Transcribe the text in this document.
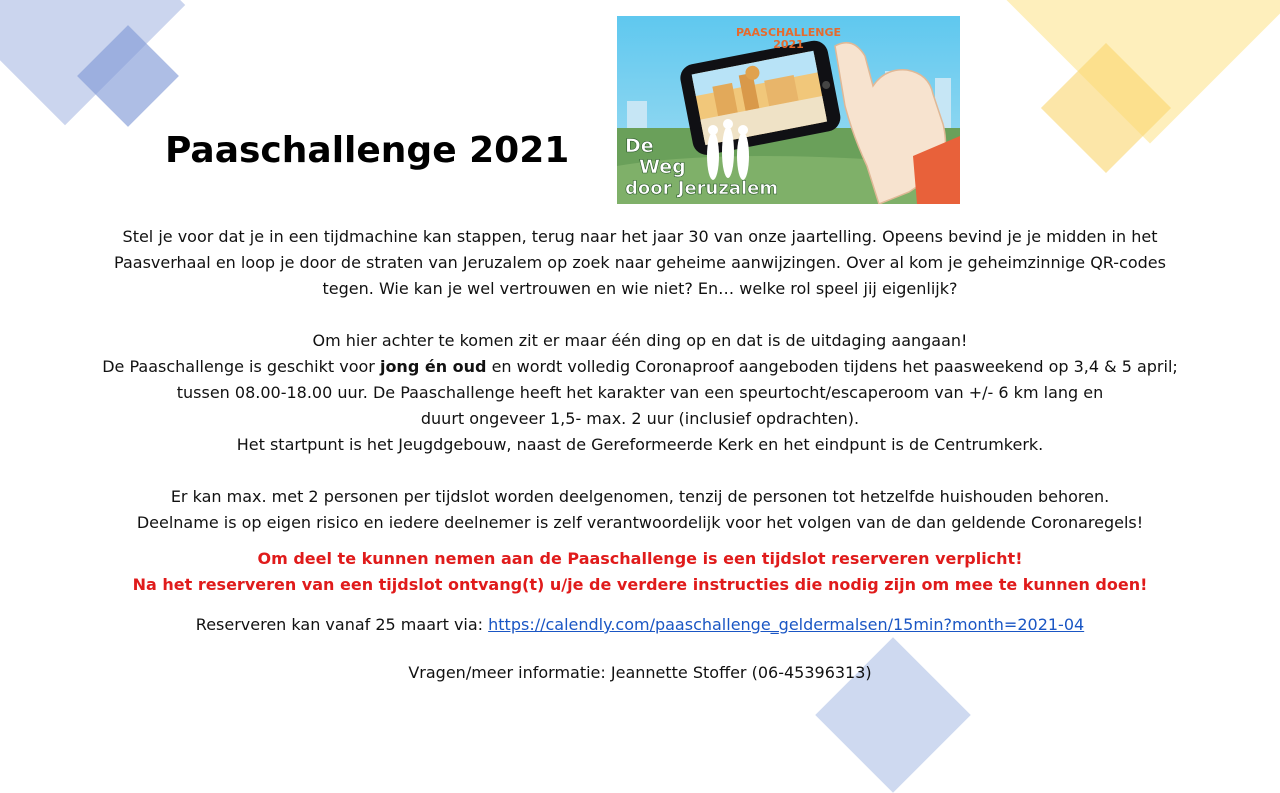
Paaschallenge 2021
PAASCHALLENGE
2021
De
Weg
door Jeruzalem

Stel je voor dat je in een tijdmachine kan stappen, terug naar het jaar 30 van onze jaartelling. Opeens bevind je je midden in het

Paasverhaal en loop je door de straten van Jeruzalem op zoek naar geheime aanwijzingen. Over al kom je geheimzinnige QR-codes

tegen. Wie kan je wel vertrouwen en wie niet? En… welke rol speel jij eigenlijk?

Om hier achter te komen zit er maar één ding op en dat is de uitdaging aangaan!

De Paaschallenge is geschikt voor jong én oud en wordt volledig Coronaproof aangeboden tijdens het paasweekend op 3,4 & 5 april;

tussen 08.00-18.00 uur. De Paaschallenge heeft het karakter van een speurtocht/escaperoom van +/- 6 km lang en

duurt ongeveer 1,5- max. 2 uur (inclusief opdrachten).

Het startpunt is het Jeugdgebouw, naast de Gereformeerde Kerk en het eindpunt is de Centrumkerk.

Er kan max. met 2 personen per tijdslot worden deelgenomen, tenzij de personen tot hetzelfde huishouden behoren.

Deelname is op eigen risico en iedere deelnemer is zelf verantwoordelijk voor het volgen van de dan geldende Coronaregels!

Om deel te kunnen nemen aan de Paaschallenge is een tijdslot reserveren verplicht!

Na het reserveren van een tijdslot ontvang(t) u/je de verdere instructies die nodig zijn om mee te kunnen doen!

Reserveren kan vanaf 25 maart via: https://calendly.com/paaschallenge_geldermalsen/15min?month=2021-04

Vragen/meer informatie: Jeannette Stoffer (06-45396313)
